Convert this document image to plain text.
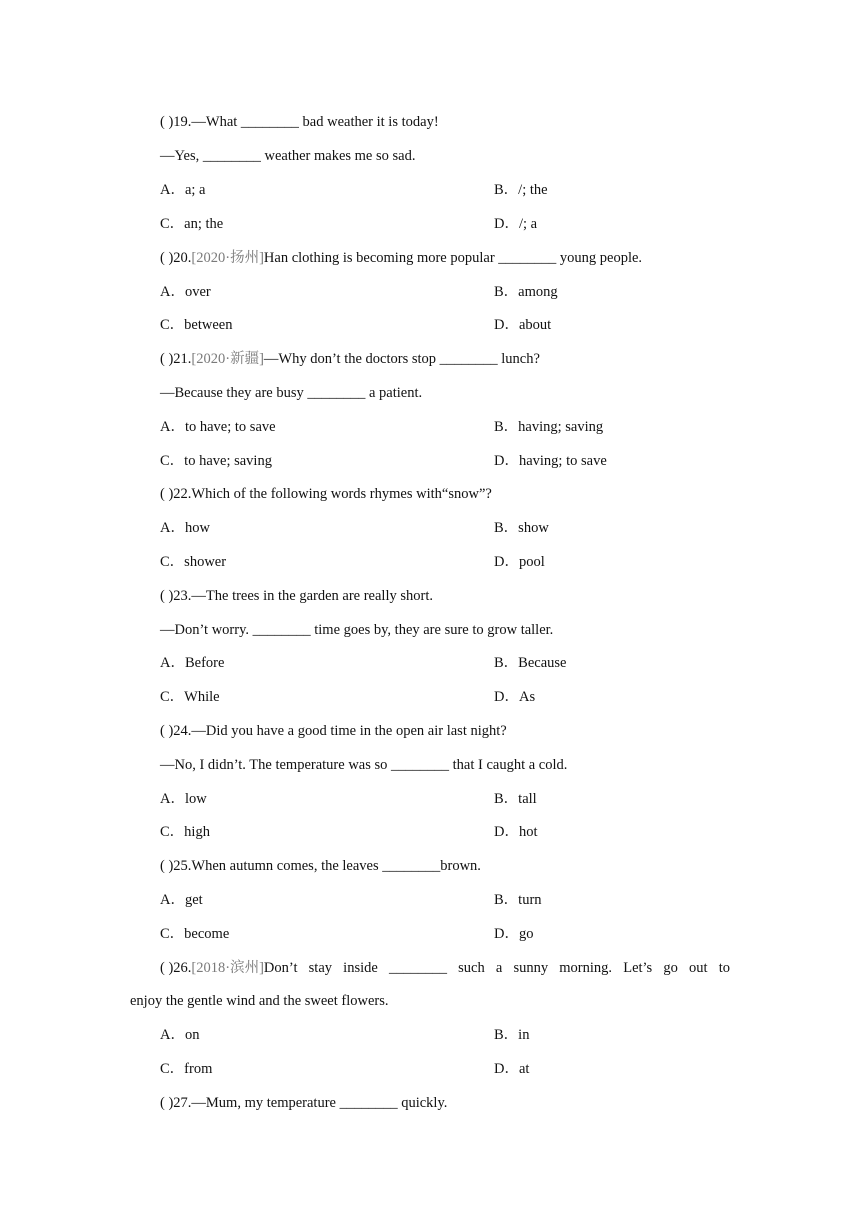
( )19.—What ________ bad weather it is today!
—Yes, ________ weather makes me so sad.
A．a; a	B．/; the
C．an; the	D．/; a
( )20.[2020·扬州]Han clothing is becoming more popular ________ young people.
A．over	B．among
C．between	D．about
( )21.[2020·新疆]—Why don’t the doctors stop ________ lunch?
—Because they are busy ________ a patient.
A．to have; to save	B．having; saving
C．to have; saving	D．having; to save
( )22.Which of the following words rhymes with“snow”?
A．how	B．show
C．shower	D．pool
( )23.—The trees in the garden are really short.
—Don’t worry. ________ time goes by, they are sure to grow taller.
A．Before	B．Because
C．While	D．As
( )24.—Did you have a good time in the open air last night?
—No, I didn’t. The temperature was so ________ that I caught a cold.
A．low	B．tall
C．high	D．hot
( )25.When autumn comes, the leaves ________brown.
A．get	B．turn
C．become	D．go
( )26.[2018·滨州] Don’t stay inside ________ such a sunny morning. Let’s go out to
enjoy the gentle wind and the sweet flowers.
A．on	B．in
C．from	D．at
( )27.—Mum, my temperature ________ quickly.
